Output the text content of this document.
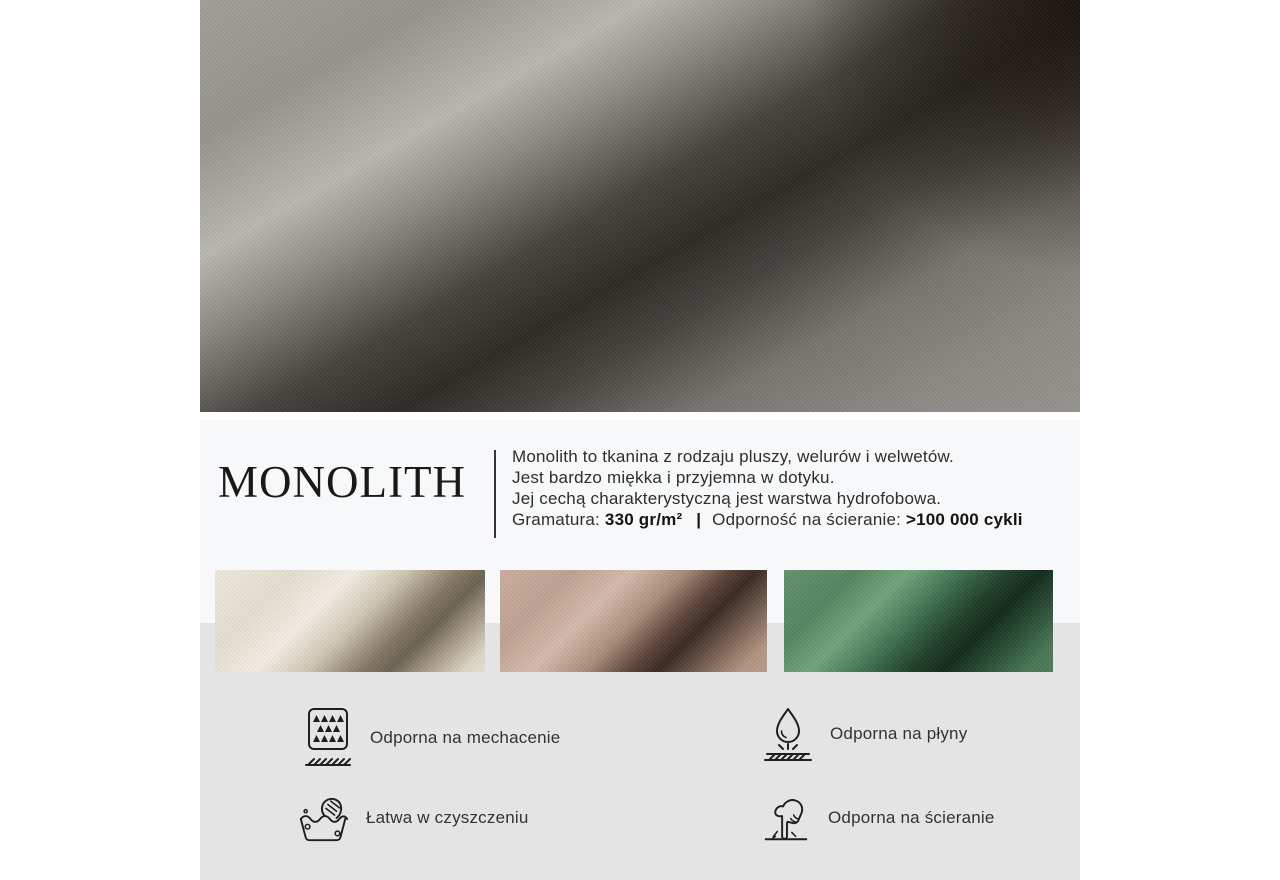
MONOLITH

Monolith to tkanina z rodzaju pluszy, welurów i welwetów.

Jest bardzo miękka i przyjemna w dotyku.

Jej cechą charakterystyczną jest warstwa hydrofobowa.

Gramatura: 330 gr/m² | Odporność na ścieranie: >100 000 cykli

Odporna na mechacenie	Odporna na płyny
Łatwa w czyszczeniu	Odporna na ścieranie
